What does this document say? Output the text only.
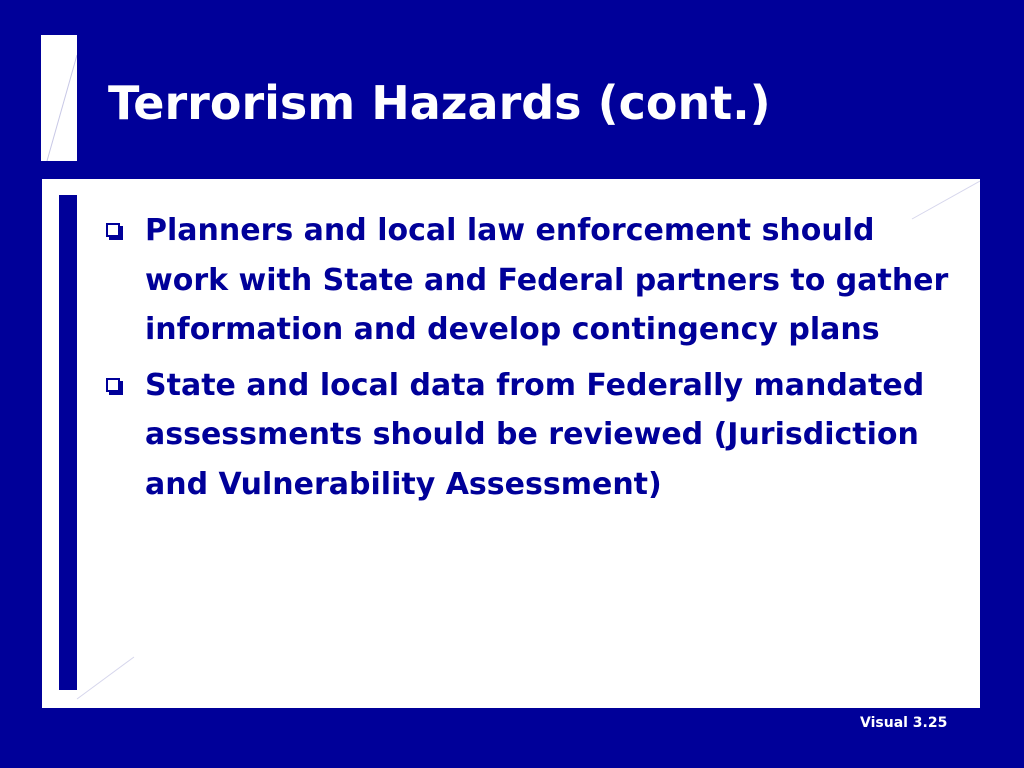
Terrorism Hazards (cont.)
Planners and local law enforcement should work with State and Federal partners to gather information and develop contingency plans
State and local data from Federally mandated assessments should be reviewed (Jurisdiction and Vulnerability Assessment)
Visual 3.25
